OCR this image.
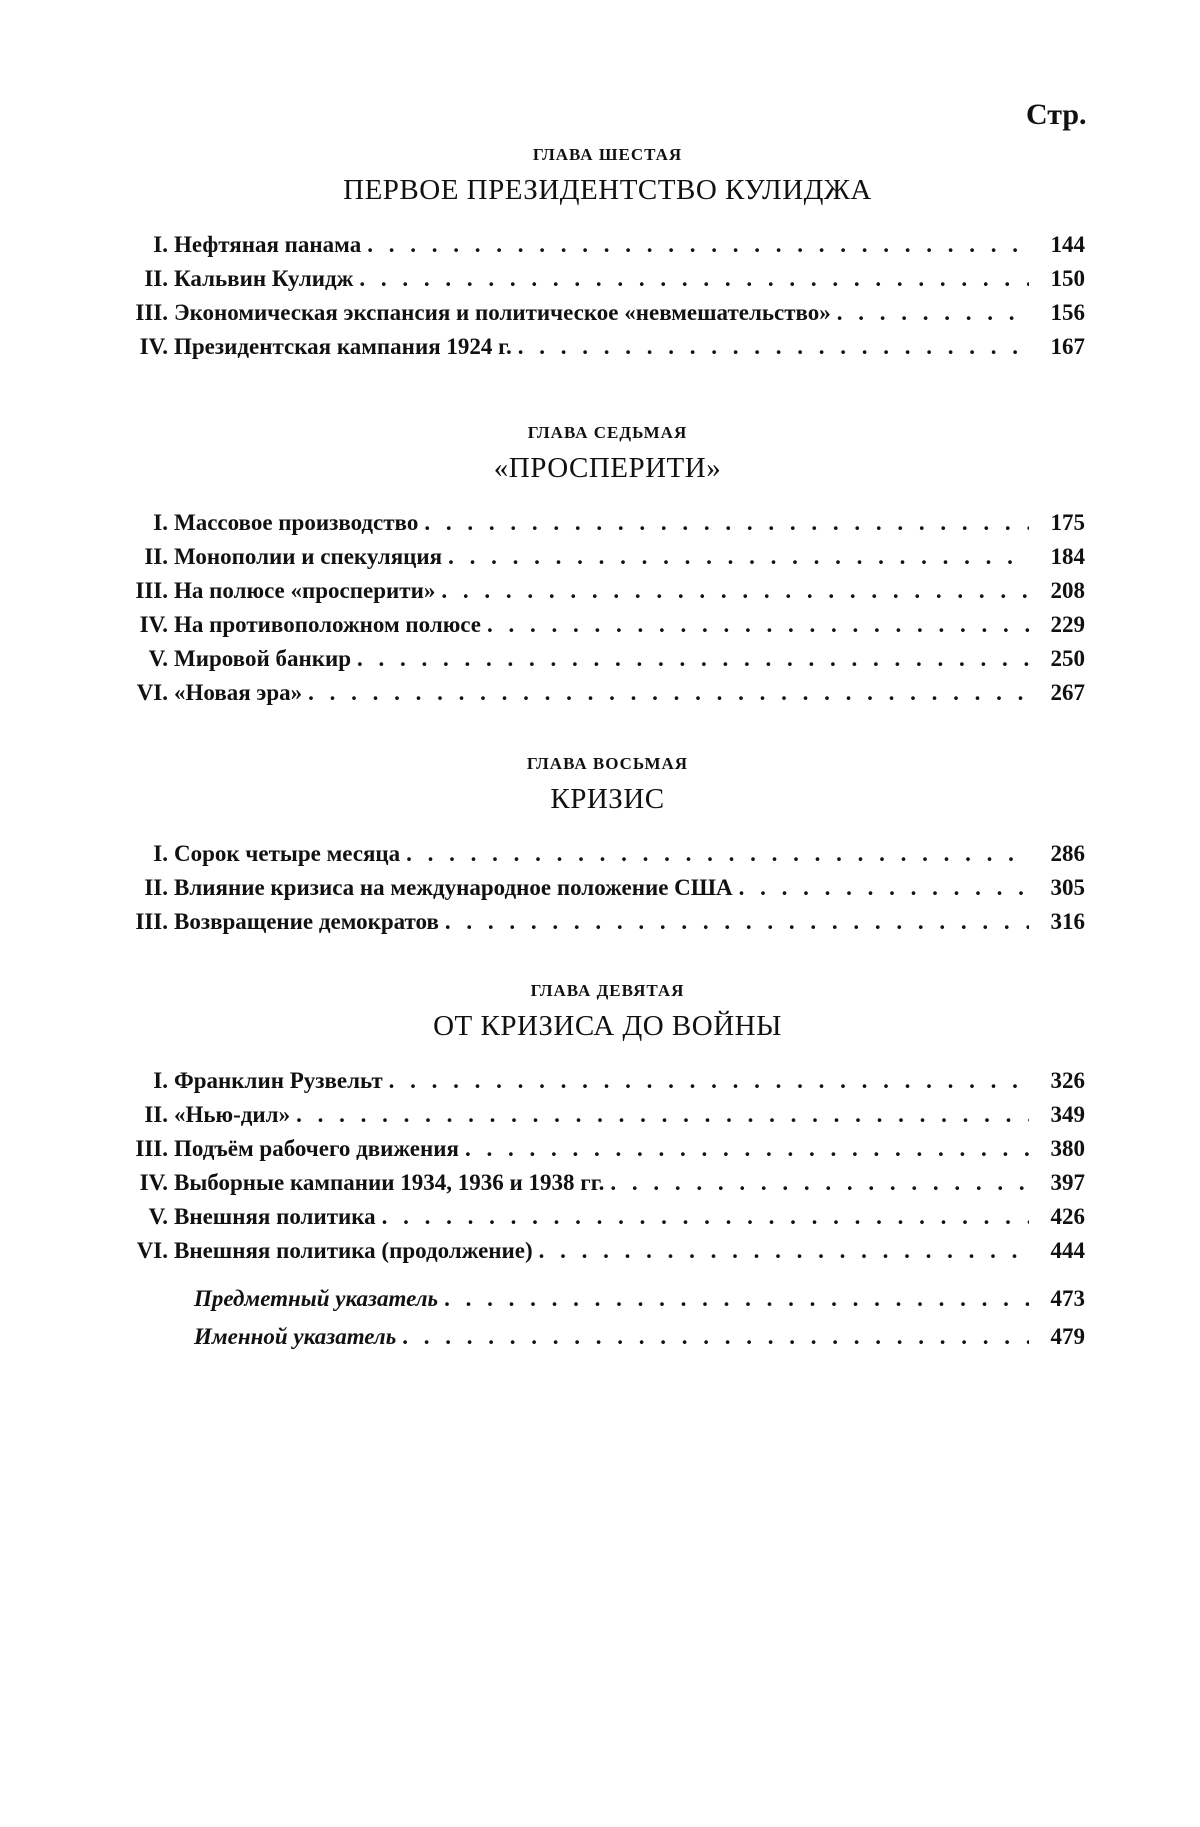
Стр.
ГЛАВА ШЕСТАЯ
ПЕРВОЕ ПРЕЗИДЕНТСТВО КУЛИДЖА
I. Нефтяная панама . . .	144
II. Кальвин Кулидж . . .	150
III. Экономическая экспансия и политическое «невмешательство» . . .	156
IV. Президентская кампания 1924 г. . . .	167
ГЛАВА СЕДЬМАЯ
«ПРОСПЕРИТИ»
I. Массовое производство . . .	175
II. Монополии и спекуляция . . .	184
III. На полюсе «просперити» . . .	208
IV. На противоположном полюсе . . .	229
V. Мировой банкир . . .	250
VI. «Новая эра» . . .	267
ГЛАВА ВОСЬМАЯ
КРИЗИС
I. Сорок четыре месяца . . .	286
II. Влияние кризиса на международное положение США . . .	305
III. Возвращение демократов . . .	316
ГЛАВА ДЕВЯТАЯ
ОТ КРИЗИСА ДО ВОЙНЫ
I. Франклин Рузвельт . . .	326
II. «Нью-дил» . . .	349
III. Подъём рабочего движения . . .	380
IV. Выборные кампании 1934, 1936 и 1938 гг. . . .	397
V. Внешняя политика . . .	426
VI. Внешняя политика (продолжение) . . .	444
Предметный указатель . . .	473
Именной указатель . . .	479
